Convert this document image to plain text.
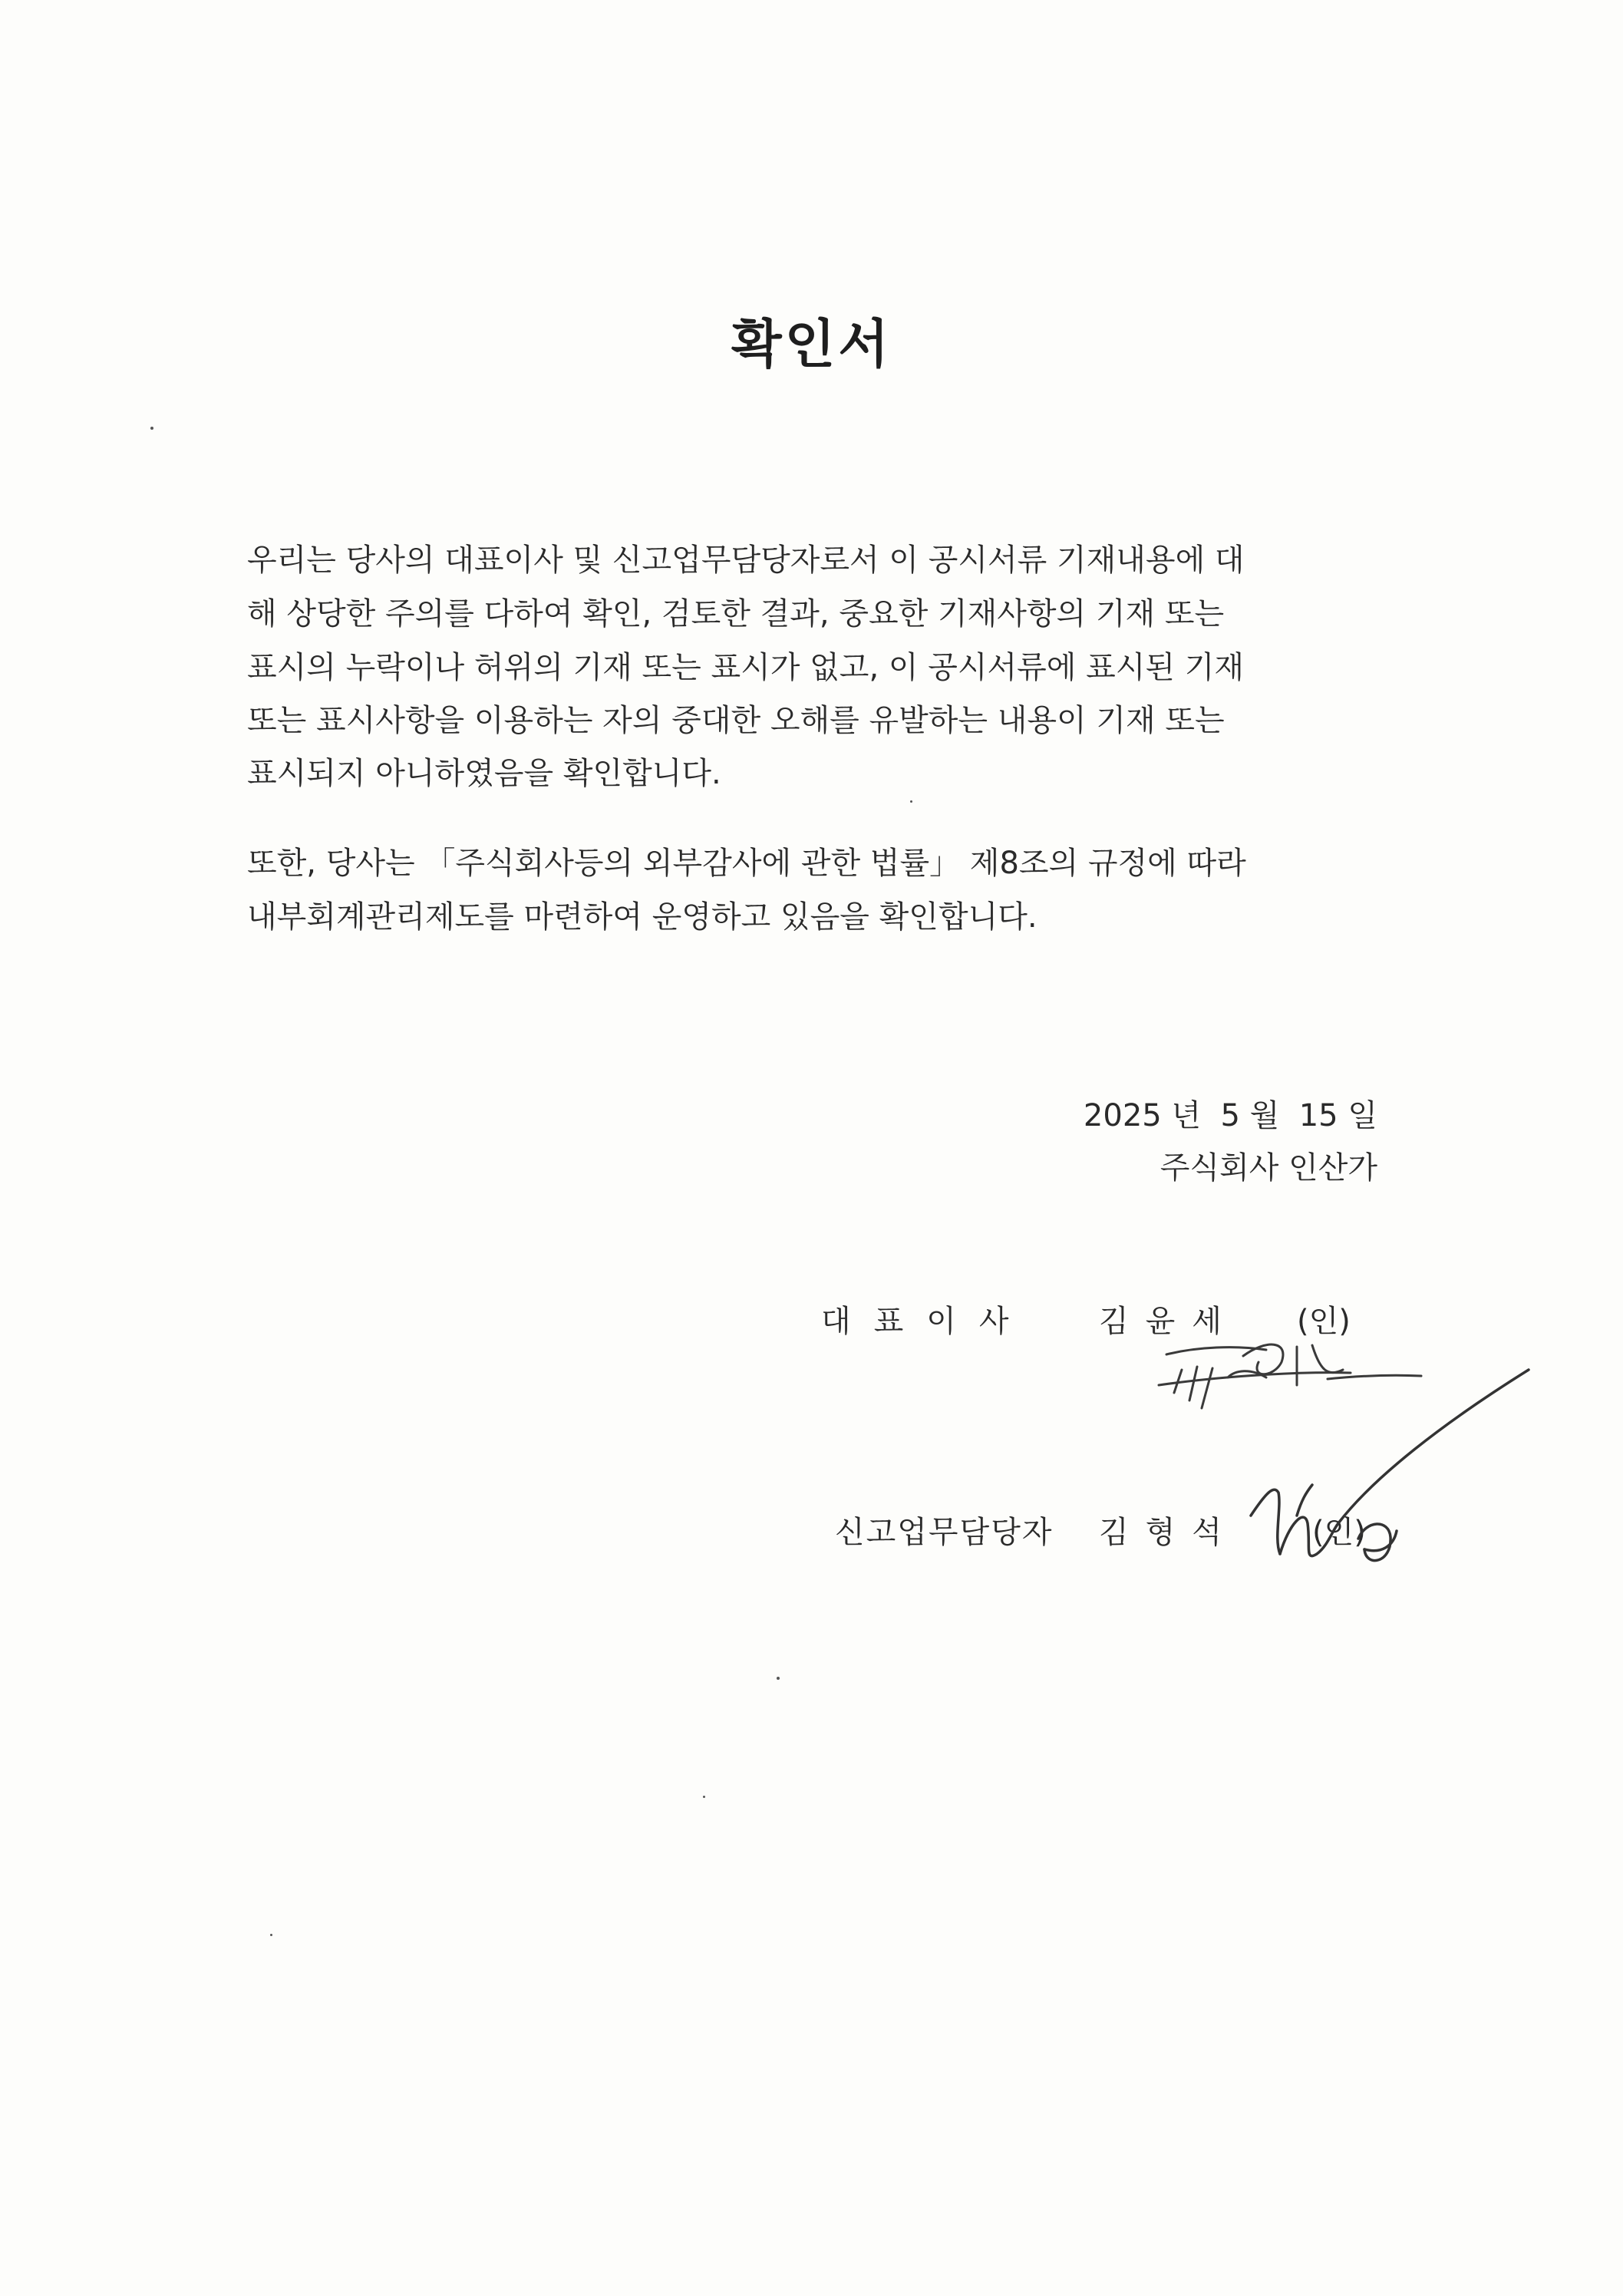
확인서
우리는 당사의 대표이사 및 신고업무담당자로서 이 공시서류 기재내용에 대
해 상당한 주의를 다하여 확인, 검토한 결과, 중요한 기재사항의 기재 또는
표시의 누락이나 허위의 기재 또는 표시가 없고, 이 공시서류에 표시된 기재
또는 표시사항을 이용하는 자의 중대한 오해를 유발하는 내용이 기재 또는
표시되지 아니하였음을 확인합니다.
또한, 당사는 「주식회사등의 외부감사에 관한 법률」 제8조의 규정에 따라
내부회계관리제도를 마련하여 운영하고 있음을 확인합니다.
2025 년  5 월  15 일
주식회사 인산가
대표이사 김윤세 (인)
신고업무담당자 김형석 (인)
